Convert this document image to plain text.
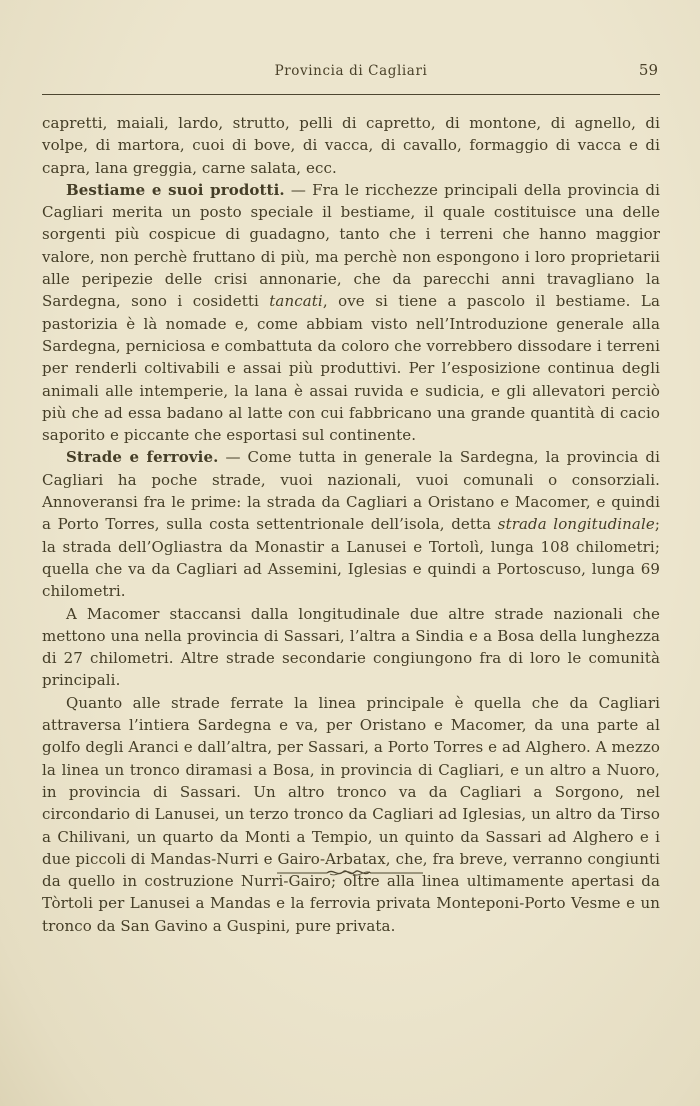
Provincia di Cagliari	59

capretti, maiali, lardo, strutto, pelli di capretto, di montone, di agnello, di volpe, di martora, cuoi di bove, di vacca, di cavallo, formaggio di vacca e di capra, lana greggia, carne salata, ecc.

Bestiame e suoi prodotti. — Fra le ricchezze principali della provincia di Cagliari merita un posto speciale il bestiame, il quale costituisce una delle sorgenti più cospicue di guadagno, tanto che i terreni che hanno maggior valore, non perchè fruttano di più, ma perchè non espongono i loro proprietarii alle peripezie delle crisi annonarie, che da parecchi anni travagliano la Sardegna, sono i cosidetti tancati, ove si tiene a pascolo il bestiame. La pastorizia è là nomade e, come abbiam visto nell’Introduzione generale alla Sardegna, perniciosa e combattuta da coloro che vorrebbero dissodare i terreni per renderli coltivabili e assai più produttivi. Per l’esposizione continua degli animali alle intemperie, la lana è assai ruvida e sudicia, e gli allevatori perciò più che ad essa badano al latte con cui fabbricano una grande quantità di cacio saporito e piccante che esportasi sul continente.

Strade e ferrovie. — Come tutta in generale la Sardegna, la provincia di Cagliari ha poche strade, vuoi nazionali, vuoi comunali o consorziali. Annoveransi fra le prime: la strada da Cagliari a Oristano e Macomer, e quindi a Porto Torres, sulla costa settentrionale dell’isola, detta strada longitudinale; la strada dell’Ogliastra da Monastir a Lanusei e Tortolì, lunga 108 chilometri; quella che va da Cagliari ad Assemini, Iglesias e quindi a Portoscuso, lunga 69 chilometri.

A Macomer staccansi dalla longitudinale due altre strade nazionali che mettono una nella provincia di Sassari, l’altra a Sindia e a Bosa della lunghezza di 27 chilometri. Altre strade secondarie congiungono fra di loro le comunità principali.

Quanto alle strade ferrate la linea principale è quella che da Cagliari attraversa l’intiera Sardegna e va, per Oristano e Macomer, da una parte al golfo degli Aranci e dall’altra, per Sassari, a Porto Torres e ad Alghero. A mezzo la linea un tronco diramasi a Bosa, in provincia di Cagliari, e un altro a Nuoro, in provincia di Sassari. Un altro tronco va da Cagliari a Sorgono, nel circondario di Lanusei, un terzo tronco da Cagliari ad Iglesias, un altro da Tirso a Chilivani, un quarto da Monti a Tempio, un quinto da Sassari ad Alghero e i due piccoli di Mandas-Nurri e Gairo-Arbatax, che, fra breve, verranno congiunti da quello in costruzione Nurri-Gairo; oltre alla linea ultimamente apertasi da Tòrtoli per Lanusei a Mandas e la ferrovia privata Monteponi-Porto Vesme e un tronco da San Gavino a Guspini, pure privata.
